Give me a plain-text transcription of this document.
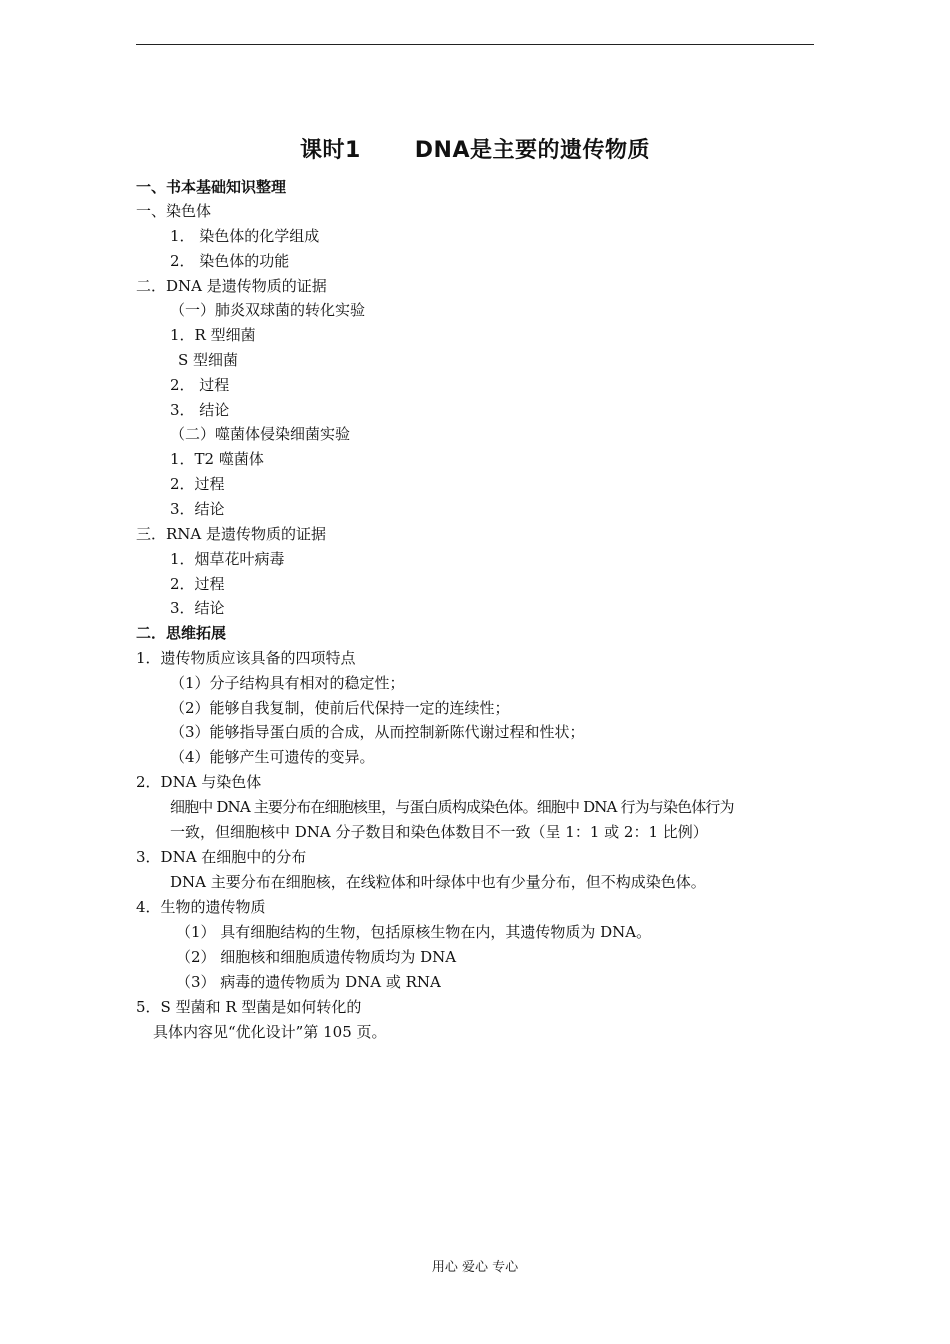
课时1 DNA是主要的遗传物质
一、书本基础知识整理
一、染色体
1． 染色体的化学组成
2． 染色体的功能
二．DNA 是遗传物质的证据
（一）肺炎双球菌的转化实验
1．R 型细菌
S 型细菌
2． 过程
3． 结论
（二）噬菌体侵染细菌实验
1．T2 噬菌体
2．过程
3．结论
三．RNA 是遗传物质的证据
1．烟草花叶病毒
2．过程
3．结论
二．思维拓展
1．遗传物质应该具备的四项特点
（1）分子结构具有相对的稳定性；
（2）能够自我复制，使前后代保持一定的连续性；
（3）能够指导蛋白质的合成，从而控制新陈代谢过程和性状；
（4）能够产生可遗传的变异。
2．DNA 与染色体
细胞中 DNA 主要分布在细胞核里，与蛋白质构成染色体。细胞中 DNA 行为与染色体行为
一致，但细胞核中 DNA 分子数目和染色体数目不一致（呈 1：1 或 2：1 比例）
3．DNA 在细胞中的分布
DNA 主要分布在细胞核，在线粒体和叶绿体中也有少量分布，但不构成染色体。
4．生物的遗传物质
（1） 具有细胞结构的生物，包括原核生物在内，其遗传物质为 DNA。
（2） 细胞核和细胞质遗传物质均为 DNA
（3） 病毒的遗传物质为 DNA 或 RNA
5．S 型菌和 R 型菌是如何转化的
具体内容见“优化设计”第 105 页。
用心 爱心 专心
